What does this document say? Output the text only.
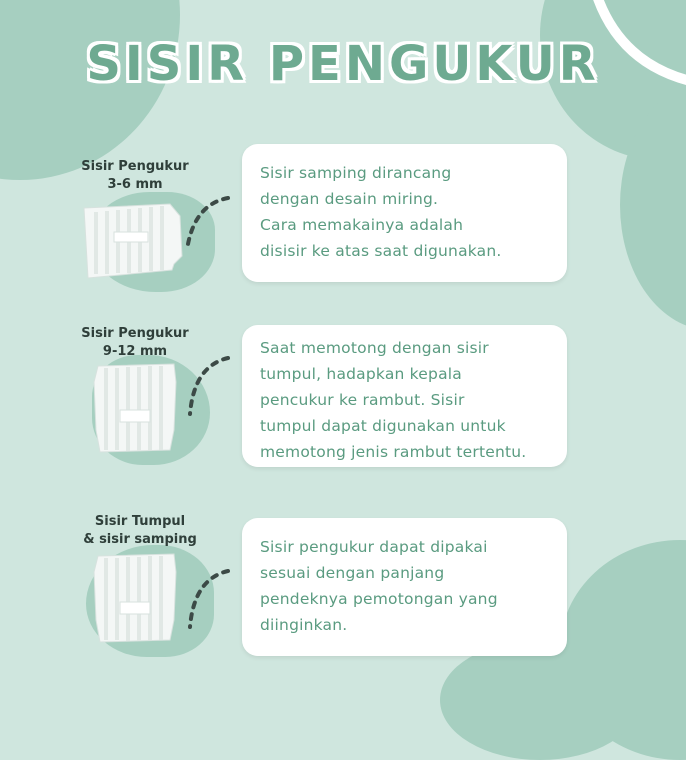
SISIR PENGUKUR
Sisir Pengukur
3-6 mm
Sisir samping dirancang
dengan desain miring.
Cara memakainya adalah
disisir ke atas saat digunakan.
Sisir Pengukur
9-12 mm	Saat memotong dengan sisir
tumpul, hadapkan kepala
pencukur ke rambut. Sisir
tumpul dapat digunakan untuk
memotong jenis rambut tertentu.
Sisir Tumpul
& sisir samping	Sisir pengukur dapat dipakai
sesuai dengan panjang
pendeknya pemotongan yang
diinginkan.
